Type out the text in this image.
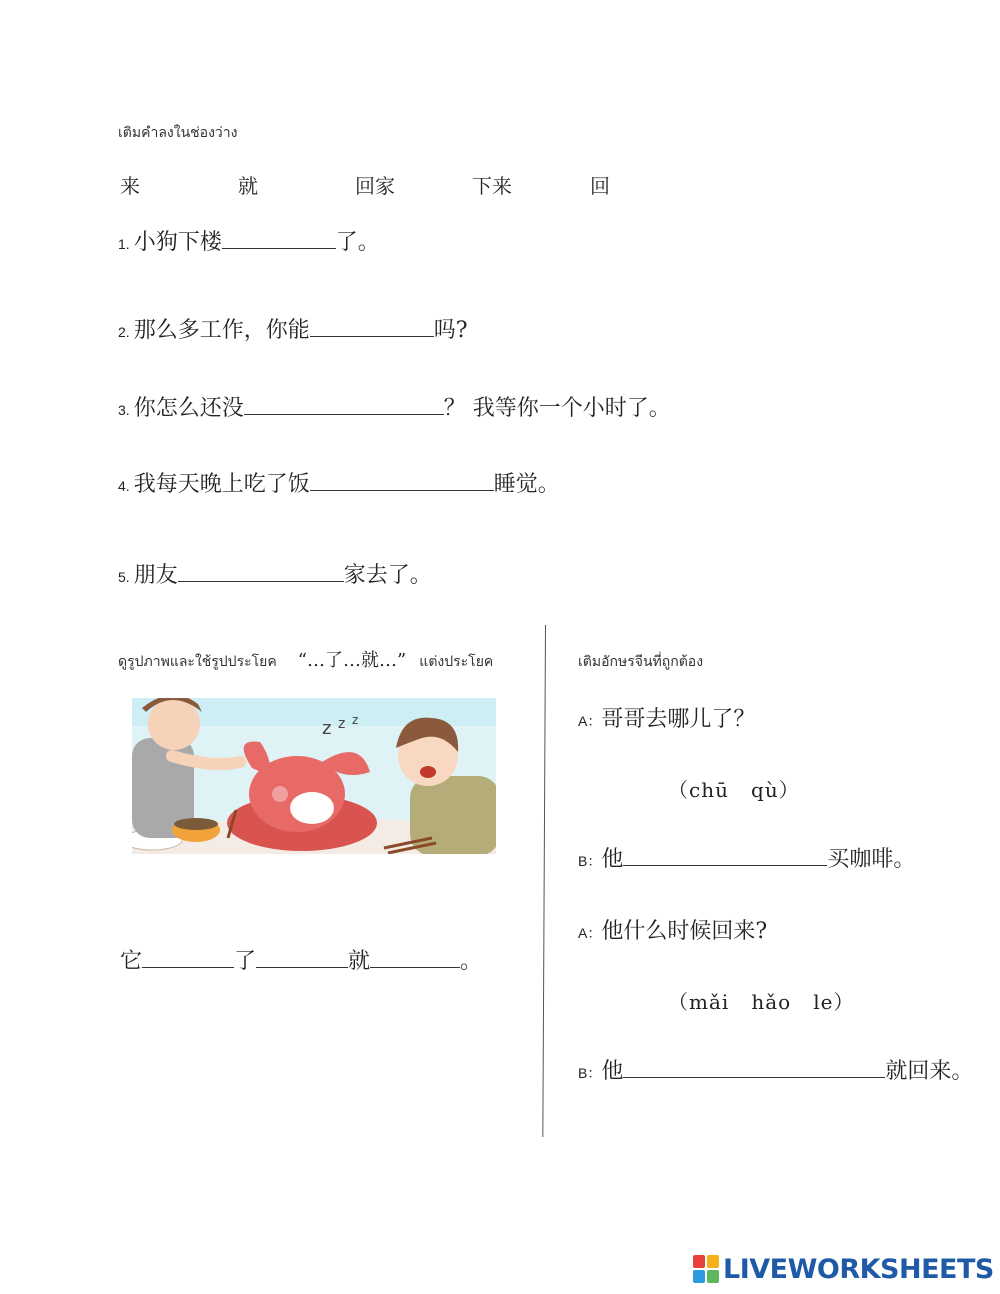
เติมคำลงในช่องว่าง
来	就	回家	下来	回
1. 小狗下楼	了。
2. 那么多工作，你能	吗?
3. 你怎么还没	？ 我等你一个小时了。
4. 我每天晚上吃了饭	睡觉。
5. 朋友	家去了。
ดูรูปภาพและใช้รูปประโยค “…了…就…” แต่งประโยค
z z z
它	了	就	。
เติมอักษรจีนที่ถูกต้อง
A：哥哥去哪儿了？
（chū   qù）
B：他	买咖啡。
A：他什么时候回来?
（mǎi   hǎo   le）
B：他	就回来。
LIVEWORKSHEETS
